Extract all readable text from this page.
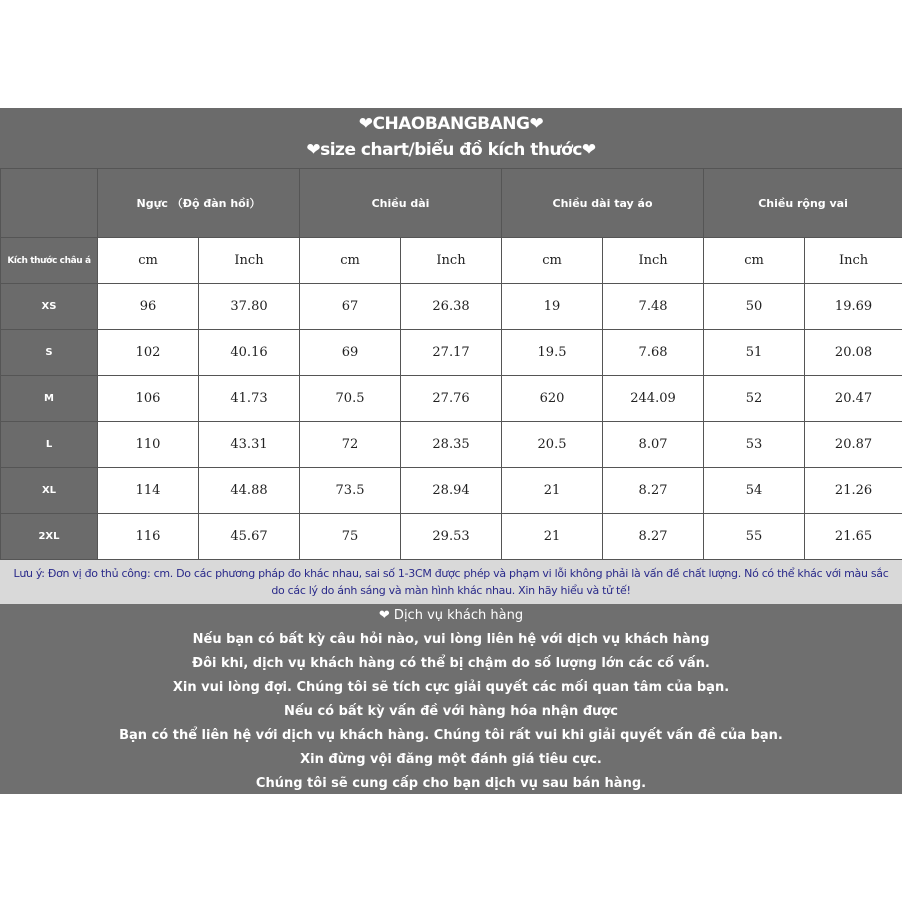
❤CHAOBANGBANG❤
❤size chart/biểu đồ kích thước❤
	Ngực （Độ đàn hồi）		Chiều dài		Chiều dài tay áo		Chiều rộng vai	
Kích thước châu á	cm	Inch	cm	Inch	cm	Inch	cm	Inch
XS	96	37.80	67	26.38	19	7.48	50	19.69
S	102	40.16	69	27.17	19.5	7.68	51	20.08
M	106	41.73	70.5	27.76	620	244.09	52	20.47
L	110	43.31	72	28.35	20.5	8.07	53	20.87
XL	114	44.88	73.5	28.94	21	8.27	54	21.26
2XL	116	45.67	75	29.53	21	8.27	55	21.65
Lưu ý: Đơn vị đo thủ công: cm. Do các phương pháp đo khác nhau, sai số 1-3CM được phép và phạm vi lỗi không phải là vấn đề chất lượng. Nó có thể khác với màu sắc
do các lý do ánh sáng và màn hình khác nhau. Xin hãy hiểu và tử tế!
❤ Dịch vụ khách hàng
Nếu bạn có bất kỳ câu hỏi nào, vui lòng liên hệ với dịch vụ khách hàng
Đôi khi, dịch vụ khách hàng có thể bị chậm do số lượng lớn các cố vấn.
Xin vui lòng đợi. Chúng tôi sẽ tích cực giải quyết các mối quan tâm của bạn.
Nếu có bất kỳ vấn đề với hàng hóa nhận được
Bạn có thể liên hệ với dịch vụ khách hàng. Chúng tôi rất vui khi giải quyết vấn đề của bạn.
Xin đừng vội đăng một đánh giá tiêu cực.
Chúng tôi sẽ cung cấp cho bạn dịch vụ sau bán hàng.
